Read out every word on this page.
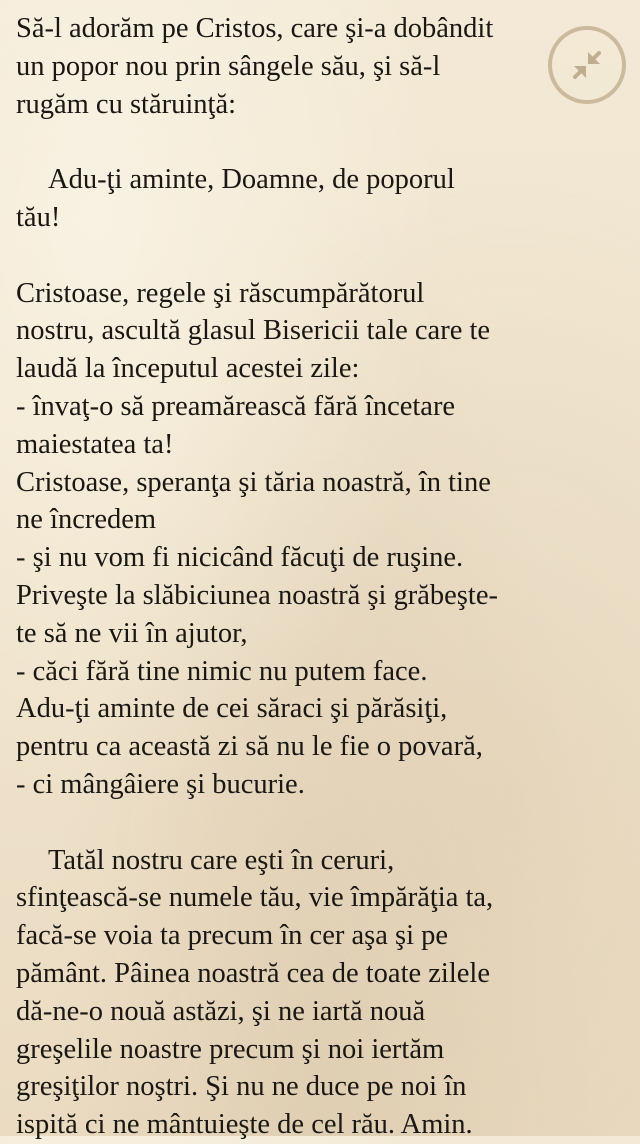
Să-l adorăm pe Cristos, care şi-a dobândit
un popor nou prin sângele său, şi să-l
rugăm cu stăruinţă:

Adu-ţi aminte, Doamne, de poporul
tău!

Cristoase, regele şi răscumpărătorul
nostru, ascultă glasul Bisericii tale care te
laudă la începutul acestei zile:
- învaţ-o să preamărească fără încetare
maiestatea ta!
Cristoase, speranţa şi tăria noastră, în tine
ne încredem
- şi nu vom fi nicicând făcuţi de ruşine.
Priveşte la slăbiciunea noastră şi grăbeşte-
te să ne vii în ajutor,
- căci fără tine nimic nu putem face.
Adu-ţi aminte de cei săraci şi părăsiţi,
pentru ca această zi să nu le fie o povară,
- ci mângâiere şi bucurie.

Tatăl nostru care eşti în ceruri,
sfinţească-se numele tău, vie împărăţia ta,
facă-se voia ta precum în cer aşa şi pe
pământ. Pâinea noastră cea de toate zilele
dă-ne-o nouă astăzi, şi ne iartă nouă
greşelile noastre precum şi noi iertăm
greşiţilor noştri. Şi nu ne duce pe noi în
ispită ci ne mântuieşte de cel rău. Amin.
